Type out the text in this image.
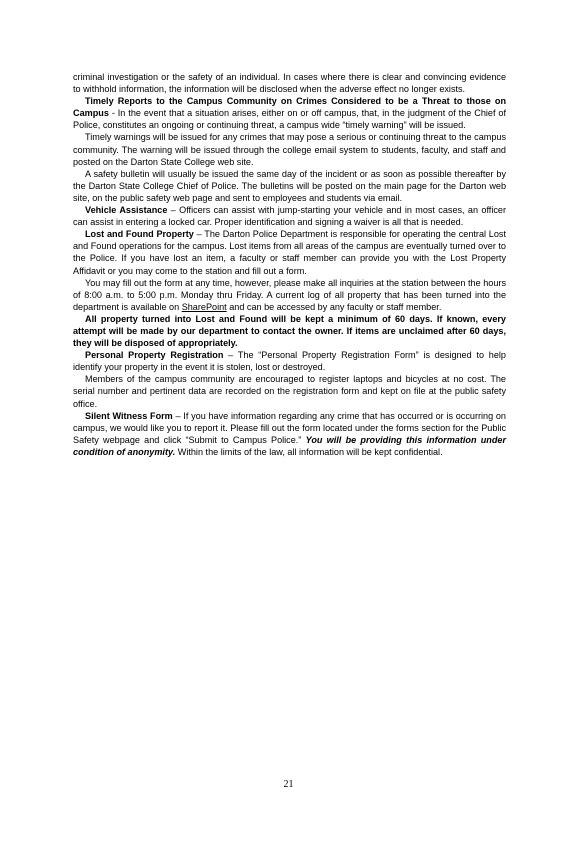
criminal investigation or the safety of an individual. In cases where there is clear and convincing evidence to withhold information, the information will be disclosed when the adverse effect no longer exists.

Timely Reports to the Campus Community on Crimes Considered to be a Threat to those on Campus - In the event that a situation arises, either on or off campus, that, in the judgment of the Chief of Police, constitutes an ongoing or continuing threat, a campus wide “timely warning” will be issued.

Timely warnings will be issued for any crimes that may pose a serious or continuing threat to the campus community. The warning will be issued through the college email system to students, faculty, and staff and posted on the Darton State College web site.

A safety bulletin will usually be issued the same day of the incident or as soon as possible thereafter by the Darton State College Chief of Police. The bulletins will be posted on the main page for the Darton web site, on the public safety web page and sent to employees and students via email.

Vehicle Assistance – Officers can assist with jump-starting your vehicle and in most cases, an officer can assist in entering a locked car. Proper identification and signing a waiver is all that is needed.

Lost and Found Property – The Darton Police Department is responsible for operating the central Lost and Found operations for the campus. Lost items from all areas of the campus are eventually turned over to the Police. If you have lost an item, a faculty or staff member can provide you with the Lost Property Affidavit or you may come to the station and fill out a form.

You may fill out the form at any time, however, please make all inquiries at the station between the hours of 8:00 a.m. to 5:00 p.m. Monday thru Friday. A current log of all property that has been turned into the department is available on SharePoint and can be accessed by any faculty or staff member.

All property turned into Lost and Found will be kept a minimum of 60 days. If known, every attempt will be made by our department to contact the owner. If items are unclaimed after 60 days, they will be disposed of appropriately.

Personal Property Registration – The “Personal Property Registration Form” is designed to help identify your property in the event it is stolen, lost or destroyed.

Members of the campus community are encouraged to register laptops and bicycles at no cost. The serial number and pertinent data are recorded on the registration form and kept on file at the public safety office.

Silent Witness Form – If you have information regarding any crime that has occurred or is occurring on campus, we would like you to report it. Please fill out the form located under the forms section for the Public Safety webpage and click “Submit to Campus Police.” You will be providing this information under condition of anonymity. Within the limits of the law, all information will be kept confidential.

21
